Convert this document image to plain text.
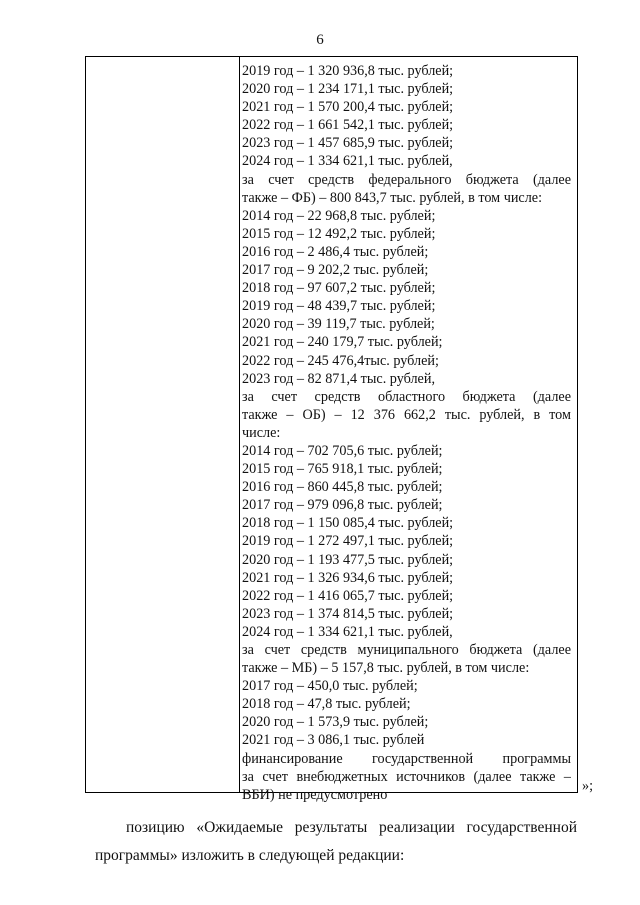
6
2019 год – 1 320 936,8 тыс. рублей;
2020 год – 1 234 171,1 тыс. рублей;
2021 год – 1 570 200,4 тыс. рублей;
2022 год – 1 661 542,1 тыс. рублей;
2023 год – 1 457 685,9 тыс. рублей;
2024 год – 1 334 621,1 тыс. рублей,
за счет средств федерального бюджета (далее
также – ФБ) – 800 843,7 тыс. рублей, в том числе:
2014 год – 22 968,8 тыс. рублей;
2015 год – 12 492,2 тыс. рублей;
2016 год – 2 486,4 тыс. рублей;
2017 год – 9 202,2 тыс. рублей;
2018 год – 97 607,2 тыс. рублей;
2019 год – 48 439,7 тыс. рублей;
2020 год – 39 119,7 тыс. рублей;
2021 год – 240 179,7 тыс. рублей;
2022 год – 245 476,4тыс. рублей;
2023 год – 82 871,4 тыс. рублей,
за счет средств областного бюджета (далее
также – ОБ) – 12 376 662,2 тыс. рублей, в том
числе:
2014 год – 702 705,6 тыс. рублей;
2015 год – 765 918,1 тыс. рублей;
2016 год – 860 445,8 тыс. рублей;
2017 год – 979 096,8 тыс. рублей;
2018 год – 1 150 085,4 тыс. рублей;
2019 год – 1 272 497,1 тыс. рублей;
2020 год – 1 193 477,5 тыс. рублей;
2021 год – 1 326 934,6 тыс. рублей;
2022 год – 1 416 065,7 тыс. рублей;
2023 год – 1 374 814,5 тыс. рублей;
2024 год – 1 334 621,1 тыс. рублей,
за счет средств муниципального бюджета (далее
также – МБ) – 5 157,8 тыс. рублей, в том числе:
2017 год – 450,0 тыс. рублей;
2018 год – 47,8 тыс. рублей;
2020 год – 1 573,9 тыс. рублей;
2021 год – 3 086,1 тыс. рублей
финансирование государственной программы
за счет внебюджетных источников (далее также –
ВБИ) не предусмотрено
»;
позицию «Ожидаемые результаты реализации государственной
программы» изложить в следующей редакции:
